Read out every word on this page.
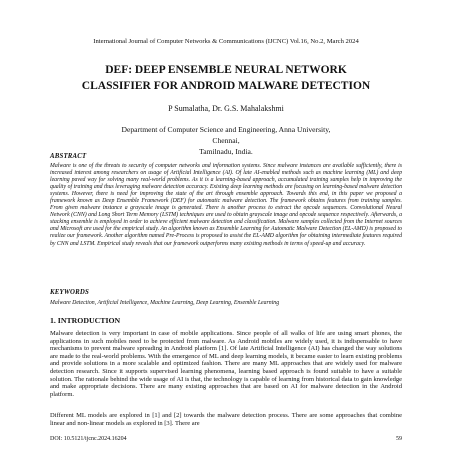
International Journal of Computer Networks & Communications (IJCNC) Vol.16, No.2, March 2024
DEF: DEEP ENSEMBLE NEURAL NETWORK
CLASSIFIER FOR ANDROID MALWARE DETECTION
P Sumalatha, Dr. G.S. Mahalakshmi
Department of Computer Science and Engineering, Anna University, Chennai,
Tamilnadu, India.
ABSTRACT

Malware is one of the threats to security of computer networks and information systems. Since malware instances are available sufficiently, there is increased interest among researchers on usage of Artificial Intelligence (AI). Of late AI-enabled methods such as machine learning (ML) and deep learning paved way for solving many real-world problems. As it is a learning-based approach, accumulated training samples help in improving the quality of training and thus leveraging malware detection accuracy. Existing deep learning methods are focusing on learning-based malware detection systems. However, there is need for improving the state of the art through ensemble approach. Towards this end, in this paper we proposed a framework known as Deep Ensemble Framework (DEF) for automatic malware detection. The framework obtains features from training samples. From given malware instance a grayscale image is generated. There is another process to extract the opcode sequences. Convolutional Neural Network (CNN) and Long Short Term Memory (LSTM) techniques are used to obtain grayscale image and opcode sequence respectively. Afterwards, a stacking ensemble is employed in order to achieve efficient malware detection and classification. Malware samples collected from the Internet sources and Microsoft are used for the empirical study. An algorithm known as Ensemble Learning for Automatic Malware Detection (EL-AMD) is proposed to realize our framework. Another algorithm named Pre-Process is proposed to assist the EL-AMD algorithm for obtaining intermediate features required by CNN and LSTM. Empirical study reveals that our framework outperforms many existing methods in terms of speed-up and accuracy.

KEYWORDS

Malware Detection, Artificial Intelligence, Machine Learning, Deep Learning, Ensemble Learning

1. INTRODUCTION

Malware detection is very important in case of mobile applications. Since people of all walks of life are using smart phones, the applications in such mobiles need to be protected from malware. As Android mobiles are widely used, it is indispensable to have mechanisms to prevent malware spreading in Android platform [1]. Of late Artificial Intelligence (AI) has changed the way solutions are made to the real-world problems. With the emergence of ML and deep learning models, it became easier to learn existing problems and provide solutions in a more scalable and optimized fashion. There are many ML approaches that are widely used for malware detection research. Since it supports supervised learning phenomena, learning based approach is found suitable to have a suitable solution. The rationale behind the wide usage of AI is that, the technology is capable of learning from historical data to gain knowledge and make appropriate decisions. There are many existing approaches that are based on AI for malware detection in the Android platform.

Different ML models are explored in [1] and [2] towards the malware detection process. There are some approaches that combine linear and non-linear models as explored in [3]. There are

DOI: 10.5121/ijcnc.2024.16204	59
